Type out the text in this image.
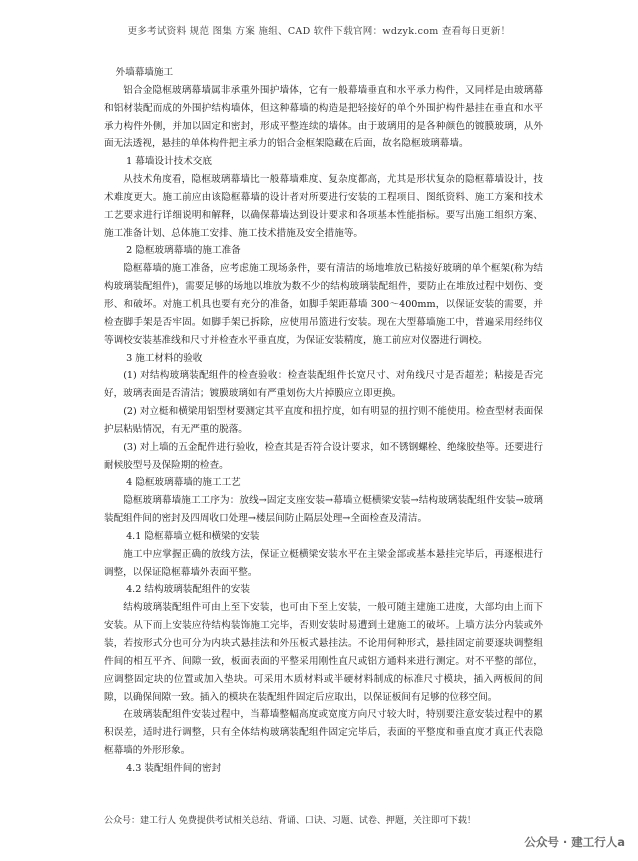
更多考试资料 规范 图集 方案 施组、CAD 软件下载官网：wdzyk.com 查看每日更新！

外墙幕墙施工

铝合金隐框玻璃幕墙属非承重外围护墙体，它有一般幕墙垂直和水平承力构件，又同样是由玻璃幕和铝材装配而成的外围护结构墙体，但这种幕墙的构造是把轻接好的单个外围护构件悬挂在垂直和水平承力构件外侧，并加以固定和密封，形成平整连续的墙体。由于玻璃用的是各种颜色的镀膜玻璃，从外面无法透视，悬挂的单体构件把主承力的铝合金框架隐藏在后面，故名隐框玻璃幕墙。

1 幕墙设计技术交底

从技术角度看，隐框玻璃幕墙比一般幕墙难度、复杂度都高，尤其是形状复杂的隐框幕墙设计，技术难度更大。施工前应由该隐框幕墙的设计者对所要进行安装的工程项目、图纸资料、施工方案和技术工艺要求进行详细说明和解释，以确保幕墙达到设计要求和各项基本性能指标。要写出施工组织方案、施工准备计划、总体施工安排、施工技术措施及安全措施等。

2 隐框玻璃幕墙的施工准备

隐框幕墙的施工准备，应考虑施工现场条件，要有清洁的场地堆放已粘接好玻璃的单个框架(称为结构玻璃装配组件)，需要足够的场地以堆放为数不少的结构玻璃装配组件，要防止在堆放过程中划伤、变形、和破坏。对施工机具也要有充分的准备，如脚手架距幕墙 300～400mm，以保证安装的需要，并检查脚手架是否牢固。如脚手架已拆除，应使用吊篮进行安装。现在大型幕墙施工中，普遍采用经纬仪等调校安装基准线和尺寸并检查水平垂直度，为保证安装精度，施工前应对仪器进行调校。

3 施工材料的验收

(1) 对结构玻璃装配组件的检查验收：检查装配组件长宽尺寸、对角线尺寸是否超差；粘接是否完好，玻璃表面是否清洁；镀膜玻璃如有严重划伤大片掉膜应立即更换。

(2) 对立梃和横梁用铝型材要测定其平直度和扭拧度，如有明显的扭拧则不能使用。检查型材表面保护层粘贴情况，有无严重的脱落。

(3) 对上墙的五金配件进行验收，检查其是否符合设计要求，如不锈钢螺栓、绝缘胶垫等。还要进行耐候胶型号及保险期的检查。

4 隐框玻璃幕墙的施工工艺

隐框玻璃幕墙施工工序为：放线→固定支座安装→幕墙立梃横梁安装→结构玻璃装配组件安装→玻璃装配组件间的密封及四周收口处理→楼层间防止隔层处理→全面检查及清洁。

4.1 隐框幕墙立梃和横梁的安装

施工中应掌握正确的放线方法，保证立梃横梁安装水平在主梁金部或基本悬挂完毕后，再逐根进行调整，以保证隐框幕墙外表面平整。

4.2 结构玻璃装配组件的安装

结构玻璃装配组件可由上至下安装，也可由下至上安装，一般可随主建施工进度，大部均由上而下安装。从下而上安装应待结构装饰施工完毕，否则安装时易遭到土建施工的破坏。上墙方法分内装或外装，若按形式分也可分为内块式悬挂法和外压板式悬挂法。不论用何种形式，悬挂固定前要逐块调整组件间的相互平齐、间隙一致，板面表面的平整采用刚性直尺或铝方通料来进行测定。对不平整的部位，应调整固定块的位置或加入垫块。可采用木质材料或半硬材料制成的标准尺寸模块，插入两板间的间隙，以确保间隙一致。插入的模块在装配组件固定后应取出，以保证板间有足够的位移空间。

在玻璃装配组件安装过程中，当幕墙整幅高度或宽度方向尺寸较大时，特别要注意安装过程中的累积误差，适时进行调整，只有全体结构玻璃装配组件固定完毕后，表面的平整度和垂直度才真正代表隐框幕墙的外形形象。

4.3 装配组件间的密封

公众号：建工行人 免费提供考试相关总结、背诵、口诀、习题、试卷、押题，关注即可下载！
公众号 · 建工行人a
